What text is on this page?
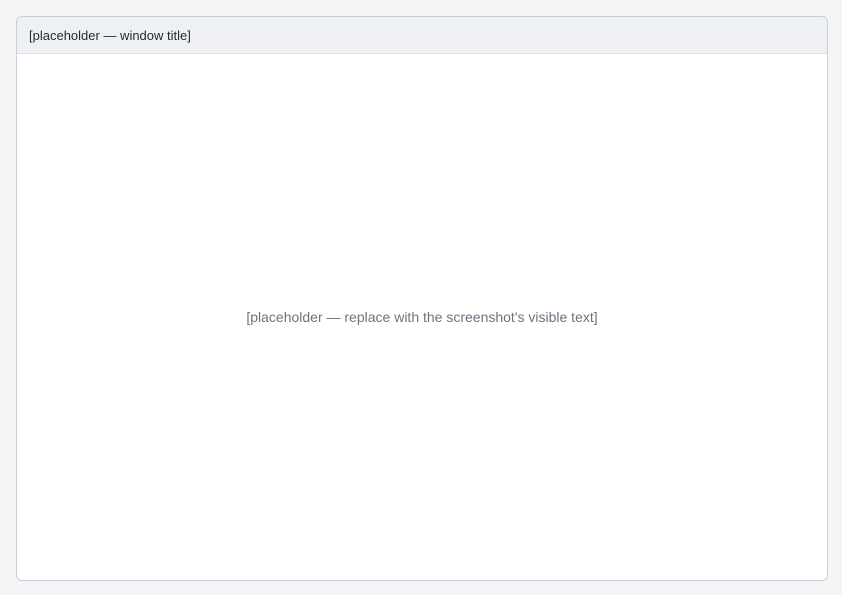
[placeholder — window title]
[placeholder — replace with the screenshot's visible text]
